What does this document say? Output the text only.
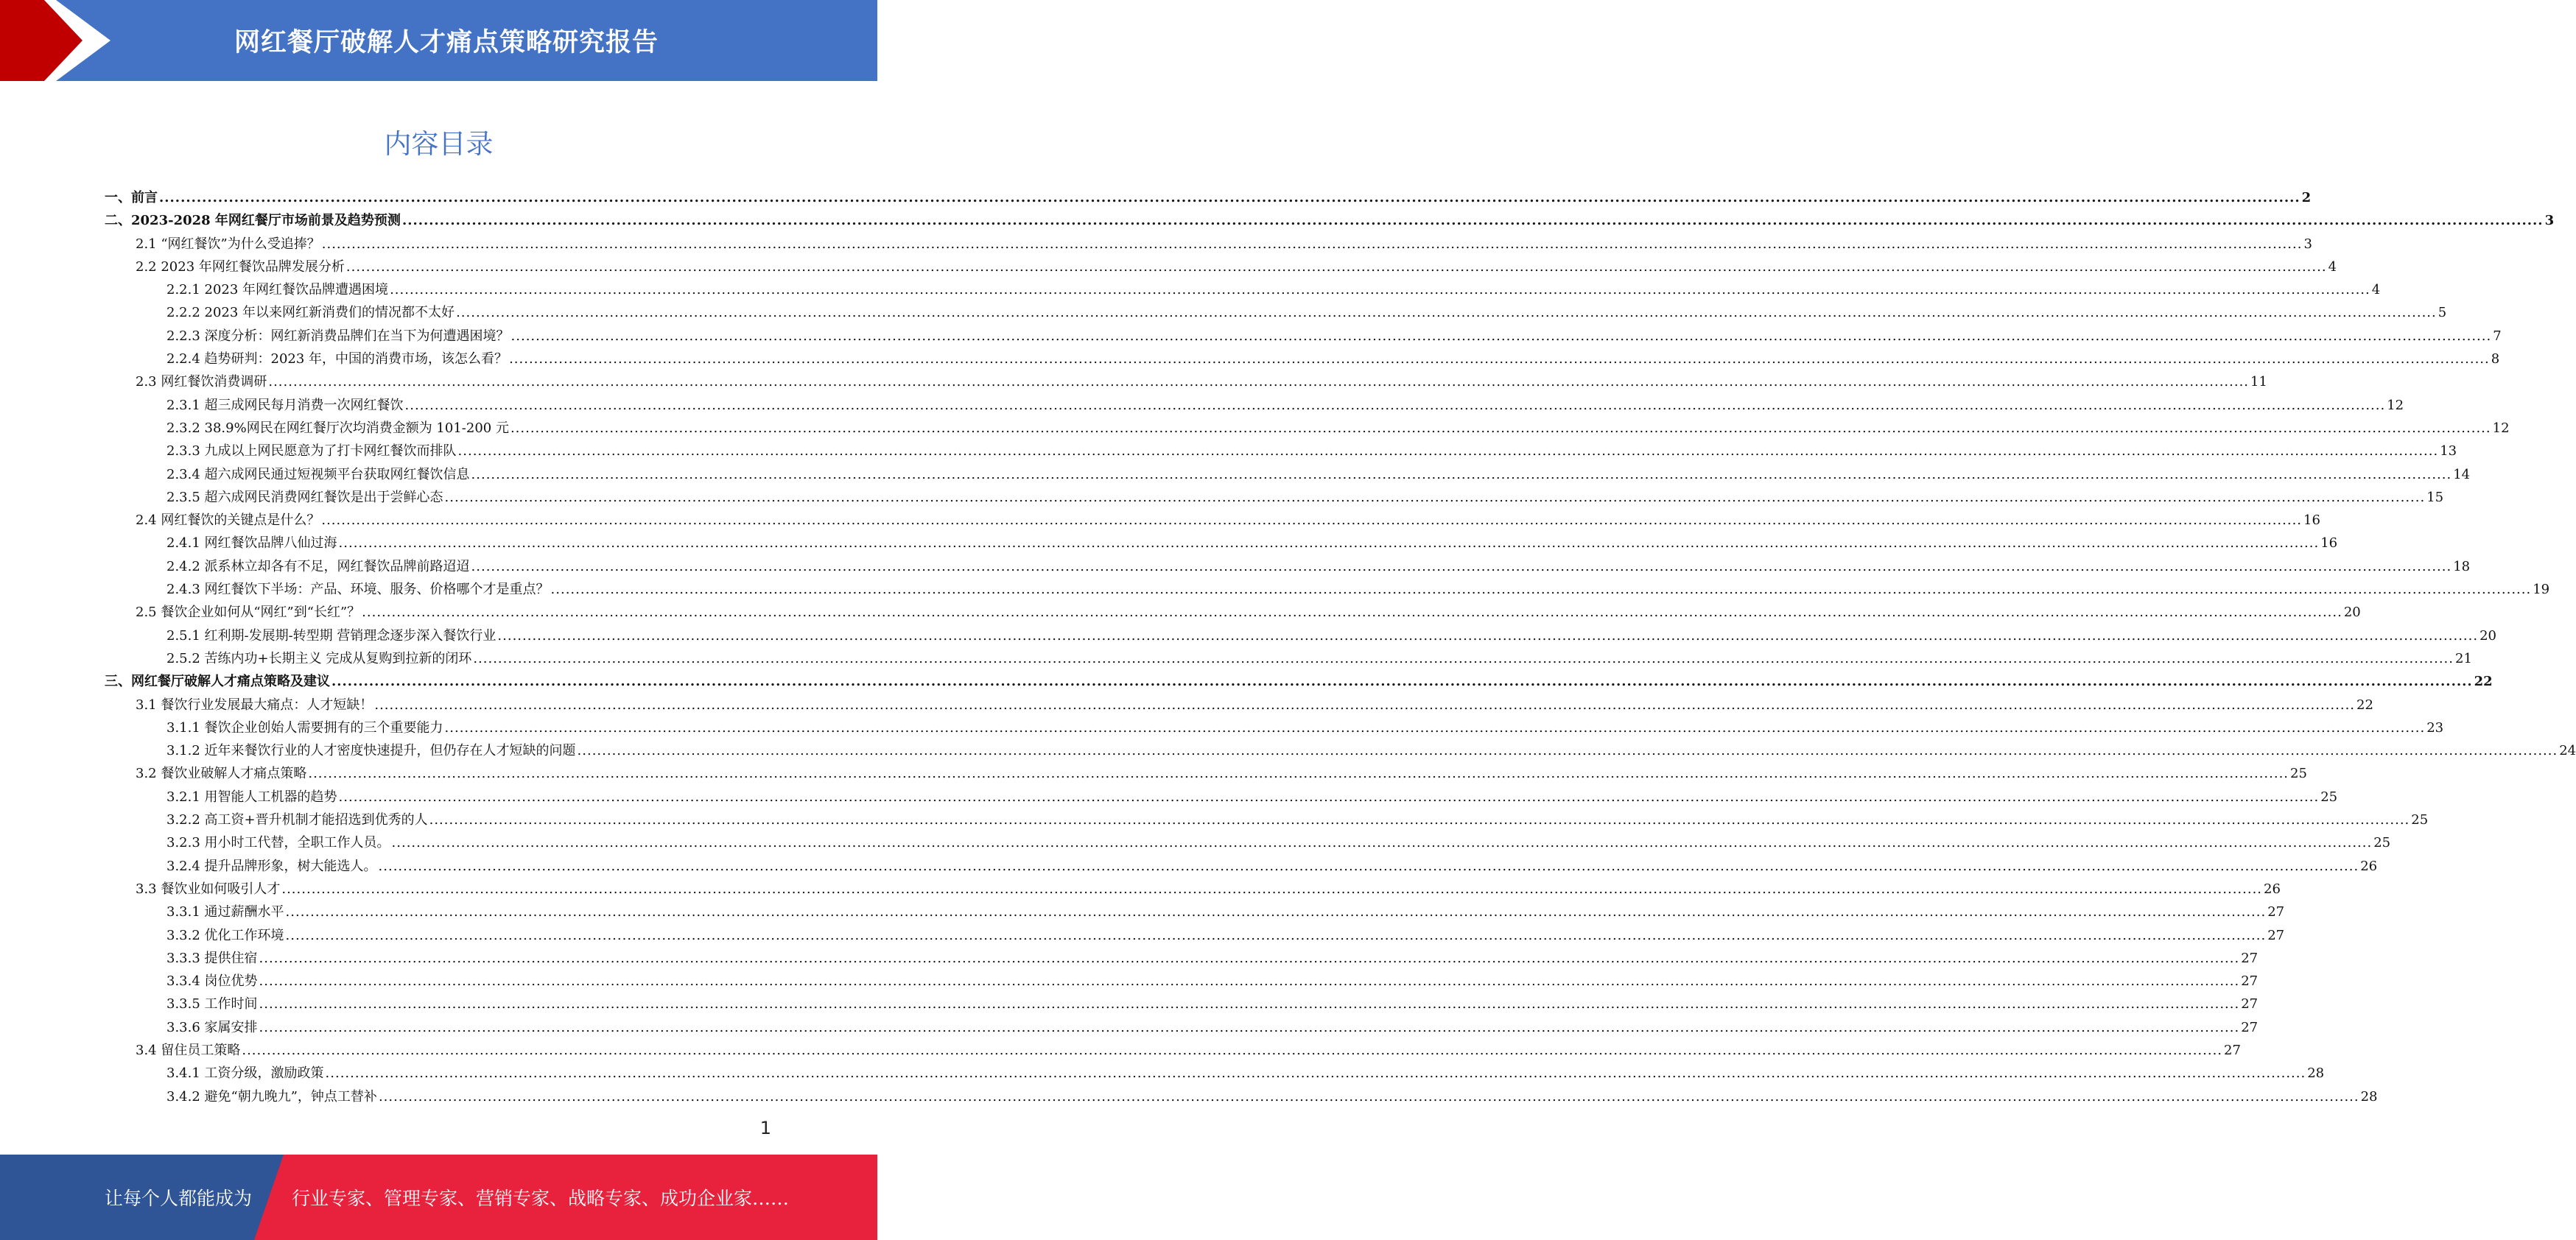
网红餐厅破解人才痛点策略研究报告
内容目录
一、前言 ................................................................................................................................................................................................................................................................................................................................................................................................................ 2
二、2023-2028 年网红餐厅市场前景及趋势预测 ................................................................................................................................................................................................................................................................................................................................................................................................................ 3
2.1 “网红餐饮”为什么受追捧？ ................................................................................................................................................................................................................................................................................................................................................................................................................ 3
2.2 2023 年网红餐饮品牌发展分析 ................................................................................................................................................................................................................................................................................................................................................................................................................ 4
2.2.1 2023 年网红餐饮品牌遭遇困境 ................................................................................................................................................................................................................................................................................................................................................................................................................ 4
2.2.2 2023 年以来网红新消费们的情况都不太好 ................................................................................................................................................................................................................................................................................................................................................................................................................ 5
2.2.3 深度分析：网红新消费品牌们在当下为何遭遇困境？ ................................................................................................................................................................................................................................................................................................................................................................................................................ 7
2.2.4 趋势研判：2023 年，中国的消费市场，该怎么看？ ................................................................................................................................................................................................................................................................................................................................................................................................................ 8
2.3 网红餐饮消费调研 ................................................................................................................................................................................................................................................................................................................................................................................................................ 11
2.3.1 超三成网民每月消费一次网红餐饮 ................................................................................................................................................................................................................................................................................................................................................................................................................ 12
2.3.2 38.9%网民在网红餐厅次均消费金额为 101-200 元 ................................................................................................................................................................................................................................................................................................................................................................................................................ 12
2.3.3 九成以上网民愿意为了打卡网红餐饮而排队 ................................................................................................................................................................................................................................................................................................................................................................................................................ 13
2.3.4 超六成网民通过短视频平台获取网红餐饮信息 ................................................................................................................................................................................................................................................................................................................................................................................................................ 14
2.3.5 超六成网民消费网红餐饮是出于尝鲜心态 ................................................................................................................................................................................................................................................................................................................................................................................................................ 15
2.4 网红餐饮的关键点是什么？ ................................................................................................................................................................................................................................................................................................................................................................................................................ 16
2.4.1 网红餐饮品牌八仙过海 ................................................................................................................................................................................................................................................................................................................................................................................................................ 16
2.4.2 派系林立却各有不足，网红餐饮品牌前路迢迢 ................................................................................................................................................................................................................................................................................................................................................................................................................ 18
2.4.3 网红餐饮下半场：产品、环境、服务、价格哪个才是重点？ ................................................................................................................................................................................................................................................................................................................................................................................................................ 19
2.5 餐饮企业如何从“网红”到“长红”？ ................................................................................................................................................................................................................................................................................................................................................................................................................ 20
2.5.1 红利期-发展期-转型期 营销理念逐步深入餐饮行业 ................................................................................................................................................................................................................................................................................................................................................................................................................ 20
2.5.2 苦练内功+长期主义 完成从复购到拉新的闭环 ................................................................................................................................................................................................................................................................................................................................................................................................................ 21
三、网红餐厅破解人才痛点策略及建议 ................................................................................................................................................................................................................................................................................................................................................................................................................ 22
3.1 餐饮行业发展最大痛点：人才短缺！ ................................................................................................................................................................................................................................................................................................................................................................................................................ 22
3.1.1 餐饮企业创始人需要拥有的三个重要能力 ................................................................................................................................................................................................................................................................................................................................................................................................................ 23
3.1.2 近年来餐饮行业的人才密度快速提升，但仍存在人才短缺的问题 ................................................................................................................................................................................................................................................................................................................................................................................................................ 24
3.2 餐饮业破解人才痛点策略 ................................................................................................................................................................................................................................................................................................................................................................................................................ 25
3.2.1 用智能人工机器的趋势 ................................................................................................................................................................................................................................................................................................................................................................................................................ 25
3.2.2 高工资+晋升机制才能招选到优秀的人 ................................................................................................................................................................................................................................................................................................................................................................................................................ 25
3.2.3 用小时工代替，全职工作人员。 ................................................................................................................................................................................................................................................................................................................................................................................................................ 25
3.2.4 提升品牌形象，树大能选人。 ................................................................................................................................................................................................................................................................................................................................................................................................................ 26
3.3 餐饮业如何吸引人才 ................................................................................................................................................................................................................................................................................................................................................................................................................ 26
3.3.1 通过薪酬水平 ................................................................................................................................................................................................................................................................................................................................................................................................................ 27
3.3.2 优化工作环境 ................................................................................................................................................................................................................................................................................................................................................................................................................ 27
3.3.3 提供住宿 ................................................................................................................................................................................................................................................................................................................................................................................................................ 27
3.3.4 岗位优势 ................................................................................................................................................................................................................................................................................................................................................................................................................ 27
3.3.5 工作时间 ................................................................................................................................................................................................................................................................................................................................................................................................................ 27
3.3.6 家属安排 ................................................................................................................................................................................................................................................................................................................................................................................................................ 27
3.4 留住员工策略 ................................................................................................................................................................................................................................................................................................................................................................................................................ 27
3.4.1 工资分级，激励政策 ................................................................................................................................................................................................................................................................................................................................................................................................................ 28
3.4.2 避免“朝九晚九”，钟点工替补 ................................................................................................................................................................................................................................................................................................................................................................................................................ 28
1
让每个人都能成为 行业专家、管理专家、营销专家、战略专家、成功企业家……
